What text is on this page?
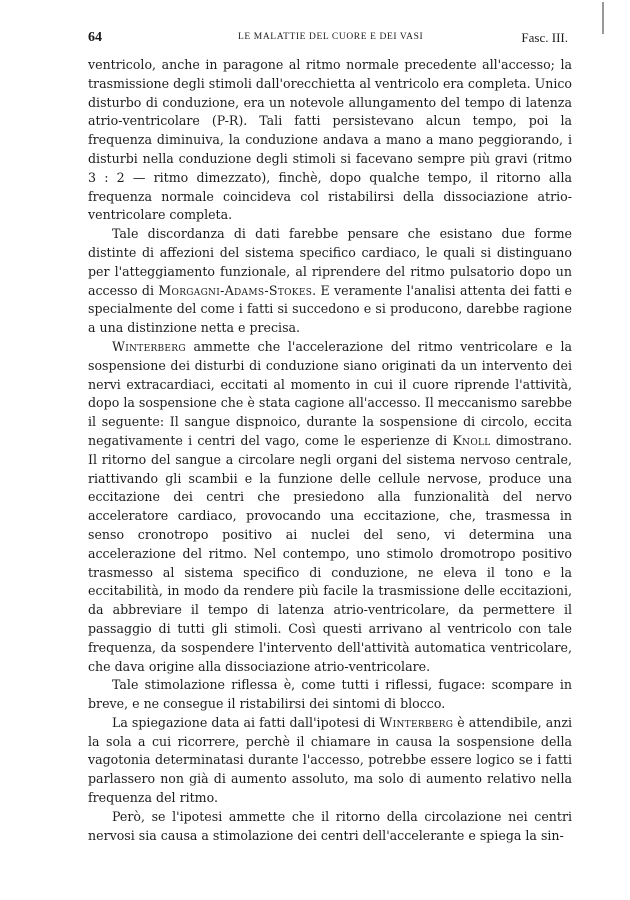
64	LE MALATTIE DEL CUORE E DEI VASI	Fasc. III.

ventricolo, anche in paragone al ritmo normale precedente all'accesso; la trasmissione degli stimoli dall'orecchietta al ventricolo era completa. Unico disturbo di conduzione, era un notevole allungamento del tempo di latenza atrio-ventricolare (P-R). Tali fatti persistevano alcun tempo, poi la frequenza diminuiva, la conduzione andava a mano a mano peggiorando, i disturbi nella conduzione degli stimoli si facevano sempre più gravi (ritmo 3 : 2 — ritmo dimezzato), finchè, dopo qualche tempo, il ritorno alla frequenza normale coincideva col ristabilirsi della dissociazione atrio-ventricolare completa.

Tale discordanza di dati farebbe pensare che esistano due forme distinte di affezioni del sistema specifico cardiaco, le quali si distinguano per l'atteggiamento funzionale, al riprendere del ritmo pulsatorio dopo un accesso di Morgagni-Adams-Stokes. E veramente l'analisi attenta dei fatti e specialmente del come i fatti si succedono e si producono, darebbe ragione a una distinzione netta e precisa.

Winterberg ammette che l'accelerazione del ritmo ventricolare e la sospensione dei disturbi di conduzione siano originati da un intervento dei nervi extracardiaci, eccitati al momento in cui il cuore riprende l'attività, dopo la sospensione che è stata cagione all'accesso. Il meccanismo sarebbe il seguente: Il sangue dispnoico, durante la sospensione di circolo, eccita negativamente i centri del vago, come le esperienze di Knoll dimostrano. Il ritorno del sangue a circolare negli organi del sistema nervoso centrale, riattivando gli scambii e la funzione delle cellule nervose, produce una eccitazione dei centri che presiedono alla funzionalità del nervo acceleratore cardiaco, provocando una eccitazione, che, trasmessa in senso cronotropo positivo ai nuclei del seno, vi determina una accelerazione del ritmo. Nel contempo, uno stimolo dromotropo positivo trasmesso al sistema specifico di conduzione, ne eleva il tono e la eccitabilità, in modo da rendere più facile la trasmissione delle eccitazioni, da abbreviare il tempo di latenza atrio-ventricolare, da permettere il passaggio di tutti gli stimoli. Così questi arrivano al ventricolo con tale frequenza, da sospendere l'intervento dell'attività automatica ventricolare, che dava origine alla dissociazione atrio-ventricolare.

Tale stimolazione riflessa è, come tutti i riflessi, fugace: scompare in breve, e ne consegue il ristabilirsi dei sintomi di blocco.

La spiegazione data ai fatti dall'ipotesi di Winterberg è attendibile, anzi la sola a cui ricorrere, perchè il chiamare in causa la sospensione della vagotonia determinatasi durante l'accesso, potrebbe essere logico se i fatti parlassero non già di aumento assoluto, ma solo di aumento relativo nella frequenza del ritmo.

Però, se l'ipotesi ammette che il ritorno della circolazione nei centri nervosi sia causa a stimolazione dei centri dell'accelerante e spiega la sin-
